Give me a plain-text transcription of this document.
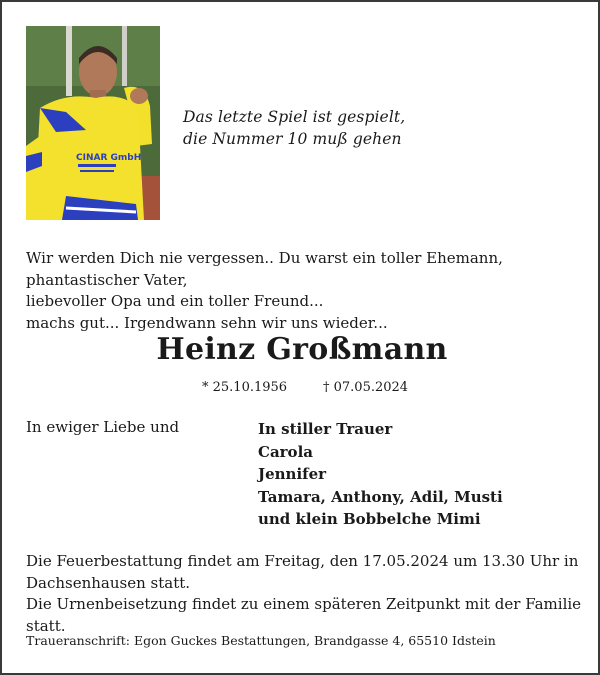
CINAR GmbH
Das letzte Spiel ist gespielt,
die Nummer 10 muß gehen
Wir werden Dich nie vergessen.. Du warst ein toller Ehemann, phantastischer Vater,
liebevoller Opa und ein toller Freund...
machs gut... Irgendwann sehn wir uns wieder...
Heinz Großmann
* 25.10.1956	† 07.05.2024
In ewiger Liebe und	In stiller Trauer
Carola
Jennifer
Tamara, Anthony, Adil, Musti
und klein Bobbelche Mimi
Die Feuerbestattung findet am Freitag, den 17.05.2024 um 13.30 Uhr in
Dachsenhausen statt.
Die Urnenbeisetzung findet zu einem späteren Zeitpunkt mit der Familie statt.
Traueranschrift: Egon Guckes Bestattungen, Brandgasse 4, 65510 Idstein
